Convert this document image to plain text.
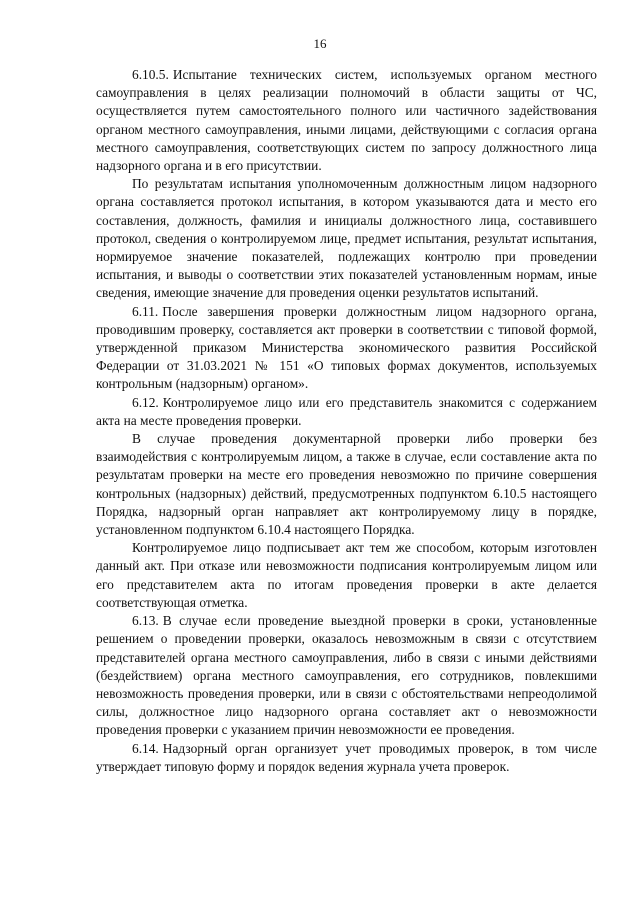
16

6.10.5. Испытание технических систем, используемых органом местного самоуправления в целях реализации полномочий в области защиты от ЧС, осуществляется путем самостоятельного полного или частичного задействования органом местного самоуправления, иными лицами, действующими с согласия органа местного самоуправления, соответствующих систем по запросу должностного лица надзорного органа и в его присутствии.

По результатам испытания уполномоченным должностным лицом надзорного органа составляется протокол испытания, в котором указываются дата и место его составления, должность, фамилия и инициалы должностного лица, составившего протокол, сведения о контролируемом лице, предмет испытания, результат испытания, нормируемое значение показателей, подлежащих контролю при проведении испытания, и выводы о соответствии этих показателей установленным нормам, иные сведения, имеющие значение для проведения оценки результатов испытаний.

6.11. После завершения проверки должностным лицом надзорного органа, проводившим проверку, составляется акт проверки в соответствии с типовой формой, утвержденной приказом Министерства экономического развития Российской Федерации от 31.03.2021 № 151 «О типовых формах документов, используемых контрольным (надзорным) органом».

6.12. Контролируемое лицо или его представитель знакомится с содержанием акта на месте проведения проверки.

В случае проведения документарной проверки либо проверки без взаимодействия с контролируемым лицом, а также в случае, если составление акта по результатам проверки на месте его проведения невозможно по причине совершения контрольных (надзорных) действий, предусмотренных подпунктом 6.10.5 настоящего Порядка, надзорный орган направляет акт контролируемому лицу в порядке, установленном подпунктом 6.10.4 настоящего Порядка.

Контролируемое лицо подписывает акт тем же способом, которым изготовлен данный акт. При отказе или невозможности подписания контролируемым лицом или его представителем акта по итогам проведения проверки в акте делается соответствующая отметка.

6.13. В случае если проведение выездной проверки в сроки, установленные решением о проведении проверки, оказалось невозможным в связи с отсутствием представителей органа местного самоуправления, либо в связи с иными действиями (бездействием) органа местного самоуправления, его сотрудников, повлекшими невозможность проведения проверки, или в связи с обстоятельствами непреодолимой силы, должностное лицо надзорного органа составляет акт о невозможности проведения проверки с указанием причин невозможности ее проведения.

6.14. Надзорный орган организует учет проводимых проверок, в том числе утверждает типовую форму и порядок ведения журнала учета проверок.
